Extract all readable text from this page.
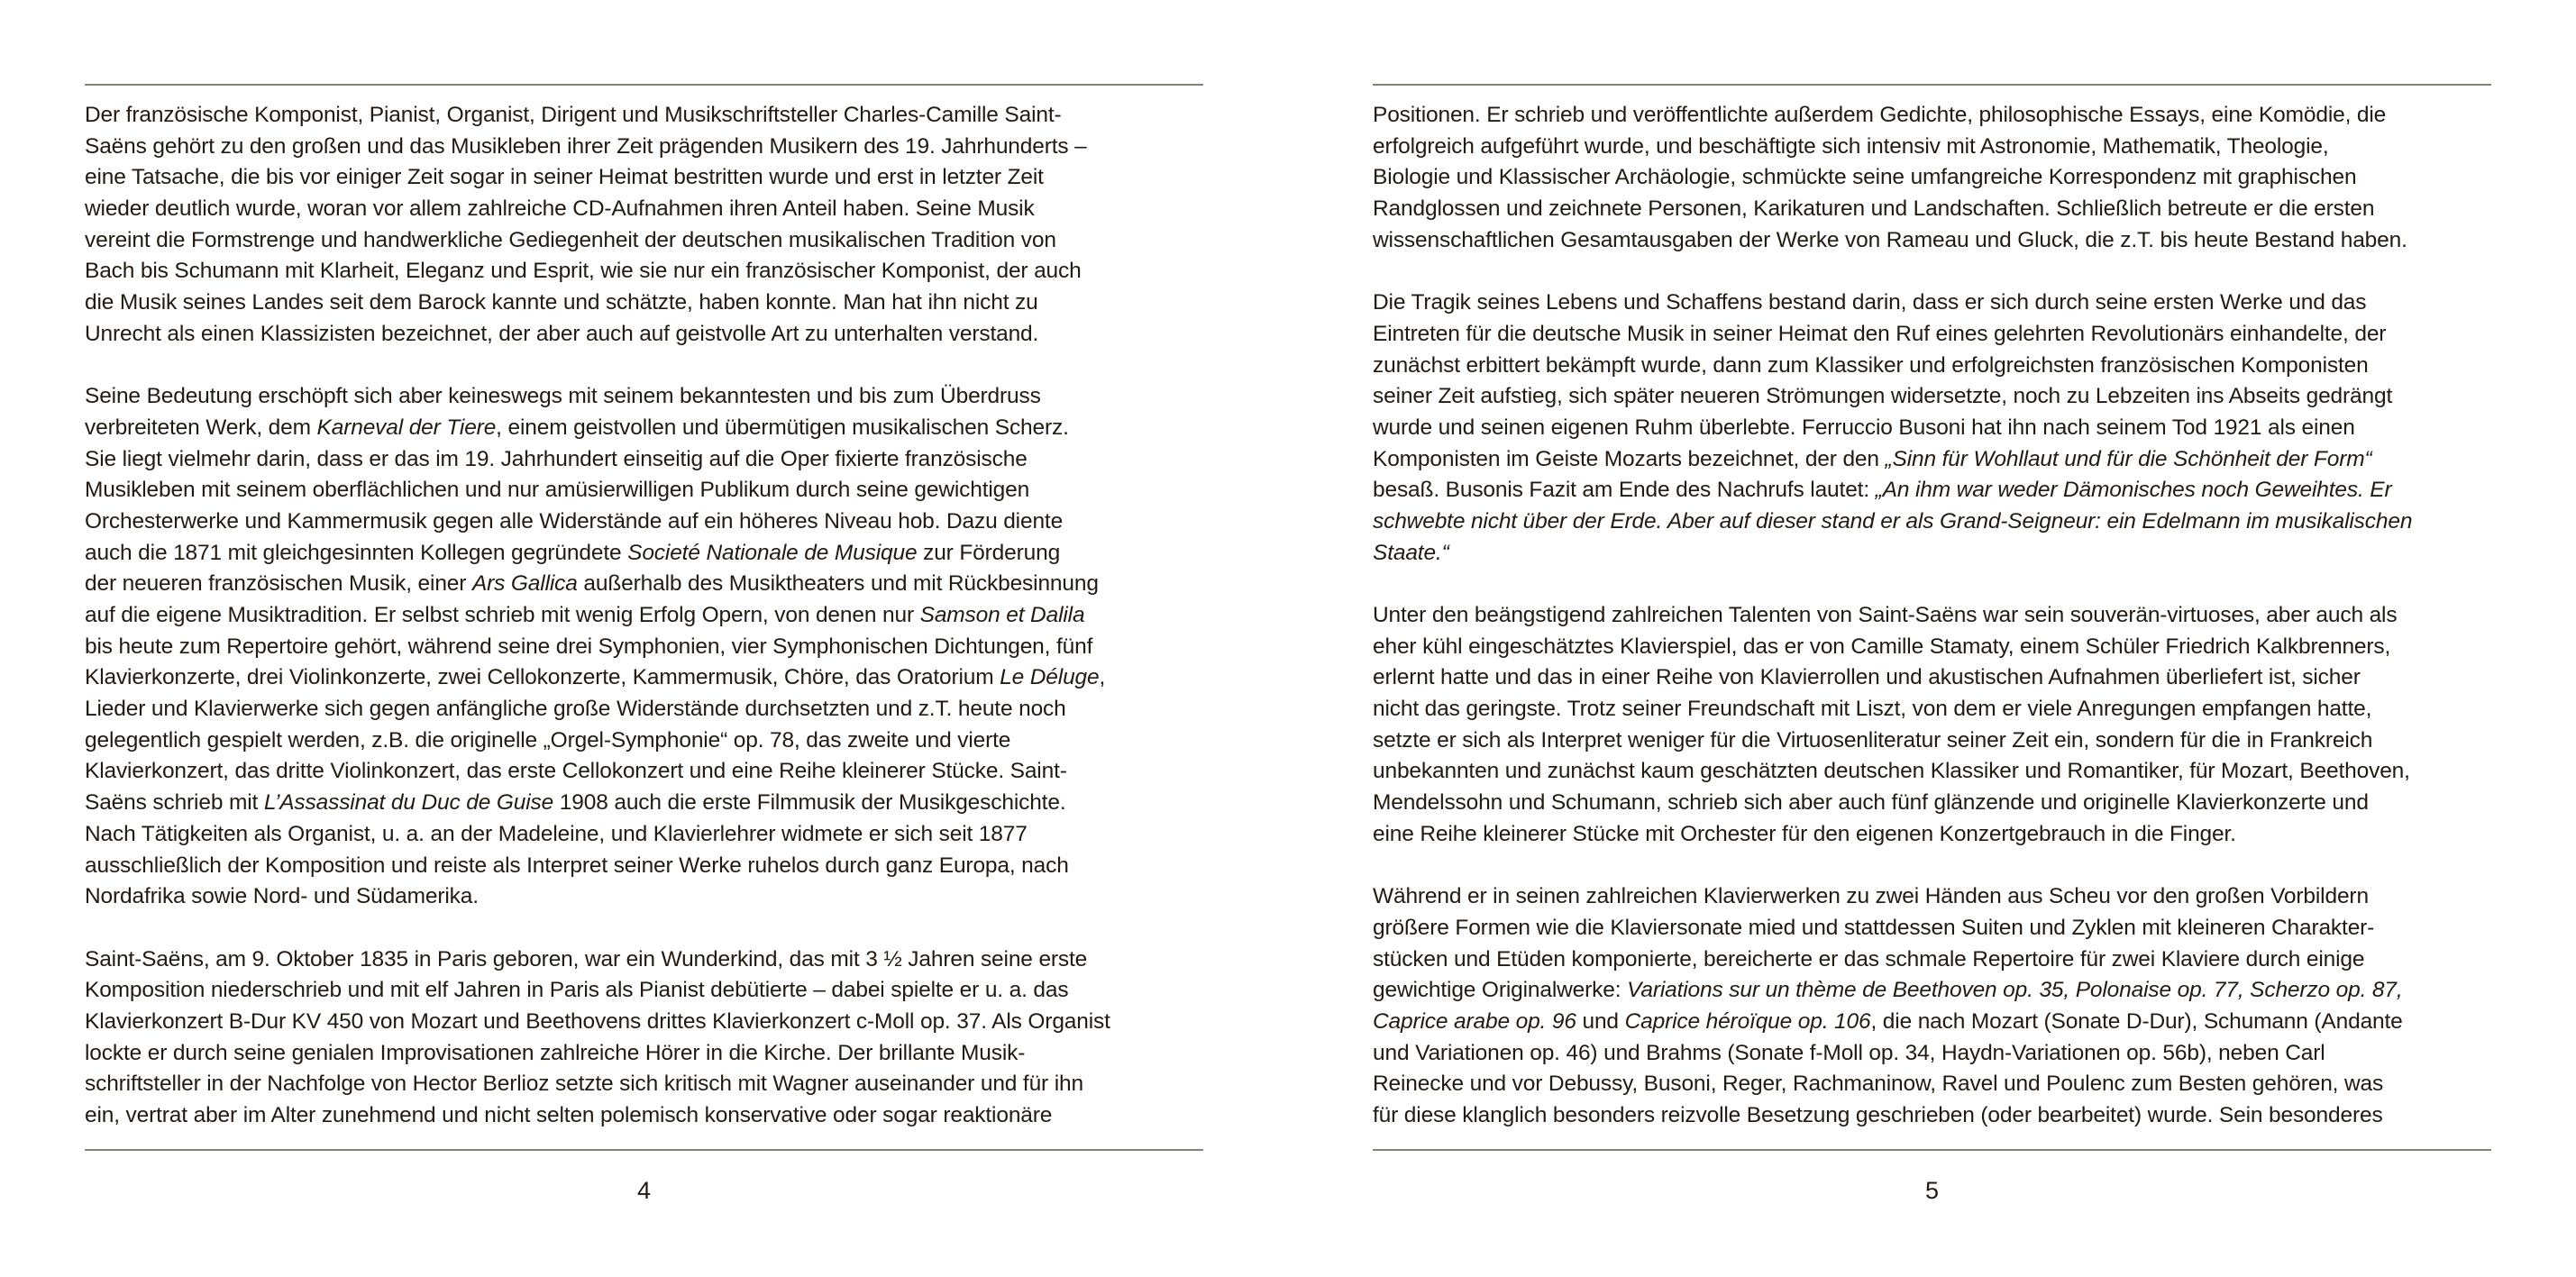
Der französische Komponist, Pianist, Organist, Dirigent und Musikschriftsteller Charles-Camille Saint-
Saëns gehört zu den großen und das Musikleben ihrer Zeit prägenden Musikern des 19. Jahrhunderts –
eine Tatsache, die bis vor einiger Zeit sogar in seiner Heimat bestritten wurde und erst in letzter Zeit
wieder deutlich wurde, woran vor allem zahlreiche CD-Aufnahmen ihren Anteil haben. Seine Musik
vereint die Formstrenge und handwerkliche Gediegenheit der deutschen musikalischen Tradition von
Bach bis Schumann mit Klarheit, Eleganz und Esprit, wie sie nur ein französischer Komponist, der auch
die Musik seines Landes seit dem Barock kannte und schätzte, haben konnte. Man hat ihn nicht zu
Unrecht als einen Klassizisten bezeichnet, der aber auch auf geistvolle Art zu unterhalten verstand.
Seine Bedeutung erschöpft sich aber keineswegs mit seinem bekanntesten und bis zum Überdruss
verbreiteten Werk, dem Karneval der Tiere, einem geistvollen und übermütigen musikalischen Scherz.
Sie liegt vielmehr darin, dass er das im 19. Jahrhundert einseitig auf die Oper fixierte französische
Musikleben mit seinem oberflächlichen und nur amüsierwilligen Publikum durch seine gewichtigen
Orchesterwerke und Kammermusik gegen alle Widerstände auf ein höheres Niveau hob. Dazu diente
auch die 1871 mit gleichgesinnten Kollegen gegründete Societé Nationale de Musique zur Förderung
der neueren französischen Musik, einer Ars Gallica außerhalb des Musiktheaters und mit Rückbesinnung
auf die eigene Musiktradition. Er selbst schrieb mit wenig Erfolg Opern, von denen nur Samson et Dalila
bis heute zum Repertoire gehört, während seine drei Symphonien, vier Symphonischen Dichtungen, fünf
Klavierkonzerte, drei Violinkonzerte, zwei Cellokonzerte, Kammermusik, Chöre, das Oratorium Le Déluge,
Lieder und Klavierwerke sich gegen anfängliche große Widerstände durchsetzten und z.T. heute noch
gelegentlich gespielt werden, z.B. die originelle „Orgel-Symphonie“ op. 78, das zweite und vierte
Klavierkonzert, das dritte Violinkonzert, das erste Cellokonzert und eine Reihe kleinerer Stücke. Saint-
Saëns schrieb mit L’Assassinat du Duc de Guise 1908 auch die erste Filmmusik der Musikgeschichte.
Nach Tätigkeiten als Organist, u. a. an der Madeleine, und Klavierlehrer widmete er sich seit 1877
ausschließlich der Komposition und reiste als Interpret seiner Werke ruhelos durch ganz Europa, nach
Nordafrika sowie Nord- und Südamerika.
Saint-Saëns, am 9. Oktober 1835 in Paris geboren, war ein Wunderkind, das mit 3 ½ Jahren seine erste
Komposition niederschrieb und mit elf Jahren in Paris als Pianist debütierte – dabei spielte er u. a. das
Klavierkonzert B-Dur KV 450 von Mozart und Beethovens drittes Klavierkonzert c-Moll op. 37. Als Organist
lockte er durch seine genialen Improvisationen zahlreiche Hörer in die Kirche. Der brillante Musik-
schriftsteller in der Nachfolge von Hector Berlioz setzte sich kritisch mit Wagner auseinander und für ihn
ein, vertrat aber im Alter zunehmend und nicht selten polemisch konservative oder sogar reaktionäre
4
Positionen. Er schrieb und veröffentlichte außerdem Gedichte, philosophische Essays, eine Komödie, die
erfolgreich aufgeführt wurde, und beschäftigte sich intensiv mit Astronomie, Mathematik, Theologie,
Biologie und Klassischer Archäologie, schmückte seine umfangreiche Korrespondenz mit graphischen
Randglossen und zeichnete Personen, Karikaturen und Landschaften. Schließlich betreute er die ersten
wissenschaftlichen Gesamtausgaben der Werke von Rameau und Gluck, die z.T. bis heute Bestand haben.
Die Tragik seines Lebens und Schaffens bestand darin, dass er sich durch seine ersten Werke und das
Eintreten für die deutsche Musik in seiner Heimat den Ruf eines gelehrten Revolutionärs einhandelte, der
zunächst erbittert bekämpft wurde, dann zum Klassiker und erfolgreichsten französischen Komponisten
seiner Zeit aufstieg, sich später neueren Strömungen widersetzte, noch zu Lebzeiten ins Abseits gedrängt
wurde und seinen eigenen Ruhm überlebte. Ferruccio Busoni hat ihn nach seinem Tod 1921 als einen
Komponisten im Geiste Mozarts bezeichnet, der den „Sinn für Wohllaut und für die Schönheit der Form“
besaß. Busonis Fazit am Ende des Nachrufs lautet: „An ihm war weder Dämonisches noch Geweihtes. Er
schwebte nicht über der Erde. Aber auf dieser stand er als Grand-Seigneur: ein Edelmann im musikalischen
Staate.“
Unter den beängstigend zahlreichen Talenten von Saint-Saëns war sein souverän-virtuoses, aber auch als
eher kühl eingeschätztes Klavierspiel, das er von Camille Stamaty, einem Schüler Friedrich Kalkbrenners,
erlernt hatte und das in einer Reihe von Klavierrollen und akustischen Aufnahmen überliefert ist, sicher
nicht das geringste. Trotz seiner Freundschaft mit Liszt, von dem er viele Anregungen empfangen hatte,
setzte er sich als Interpret weniger für die Virtuosenliteratur seiner Zeit ein, sondern für die in Frankreich
unbekannten und zunächst kaum geschätzten deutschen Klassiker und Romantiker, für Mozart, Beethoven,
Mendelssohn und Schumann, schrieb sich aber auch fünf glänzende und originelle Klavierkonzerte und
eine Reihe kleinerer Stücke mit Orchester für den eigenen Konzertgebrauch in die Finger.
Während er in seinen zahlreichen Klavierwerken zu zwei Händen aus Scheu vor den großen Vorbildern
größere Formen wie die Klaviersonate mied und stattdessen Suiten und Zyklen mit kleineren Charakter-
stücken und Etüden komponierte, bereicherte er das schmale Repertoire für zwei Klaviere durch einige
gewichtige Originalwerke: Variations sur un thème de Beethoven op. 35, Polonaise op. 77, Scherzo op. 87,
Caprice arabe op. 96 und Caprice héroïque op. 106, die nach Mozart (Sonate D-Dur), Schumann (Andante
und Variationen op. 46) und Brahms (Sonate f-Moll op. 34, Haydn-Variationen op. 56b), neben Carl
Reinecke und vor Debussy, Busoni, Reger, Rachmaninow, Ravel und Poulenc zum Besten gehören, was
für diese klanglich besonders reizvolle Besetzung geschrieben (oder bearbeitet) wurde. Sein besonderes
5
